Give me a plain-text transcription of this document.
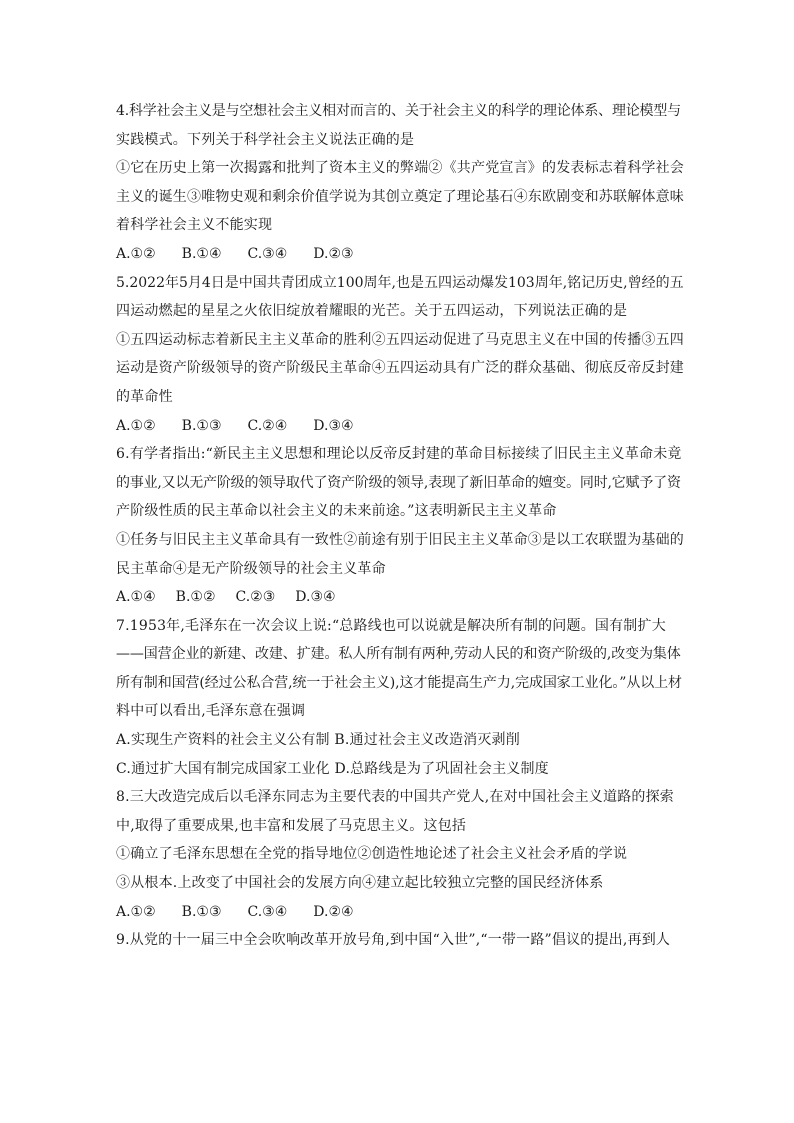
4.科学社会主义是与空想社会主义相对而言的、关于社会主义的科学的理论体系、理论模型与
实践模式。下列关于科学社会主义说法正确的是
①它在历史上第一次揭露和批判了资本主义的弊端②《共产党宣言》的发表标志着科学社会
主义的诞生③唯物史观和剩余价值学说为其创立奠定了理论基石④东欧剧变和苏联解体意味
着科学社会主义不能实现
A.①② B.①④ C.③④ D.②③
5.2022年5月4日是中国共青团成立100周年,也是五四运动爆发103周年,铭记历史,曾经的五
四运动燃起的星星之火依旧绽放着耀眼的光芒。关于五四运动，下列说法正确的是
①五四运动标志着新民主主义革命的胜利②五四运动促进了马克思主义在中国的传播③五四
运动是资产阶级领导的资产阶级民主革命④五四运动具有广泛的群众基础、彻底反帝反封建
的革命性
A.①② B.①③ C.②④ D.③④
6.有学者指出:“新民主主义思想和理论以反帝反封建的革命目标接续了旧民主主义革命未竟
的事业,又以无产阶级的领导取代了资产阶级的领导,表现了新旧革命的嬗变。同时,它赋予了资
产阶级性质的民主革命以社会主义的未来前途。”这表明新民主主义革命
①任务与旧民主主义革命具有一致性②前途有别于旧民主主义革命③是以工农联盟为基础的
民主革命④是无产阶级领导的社会主义革命
A.①④ B.①② C.②③ D.③④
7.1953年,毛泽东在一次会议上说:“总路线也可以说就是解决所有制的问题。国有制扩大
——国营企业的新建、改建、扩建。私人所有制有两种,劳动人民的和资产阶级的,改变为集体
所有制和国营(经过公私合营,统一于社会主义),这才能提高生产力,完成国家工业化。”从以上材
料中可以看出,毛泽东意在强调
A.实现生产资料的社会主义公有制 B.通过社会主义改造消灭剥削
C.通过扩大国有制完成国家工业化 D.总路线是为了巩固社会主义制度
8.三大改造完成后以毛泽东同志为主要代表的中国共产党人,在对中国社会主义道路的探索
中,取得了重要成果,也丰富和发展了马克思主义。这包括
①确立了毛泽东思想在全党的指导地位②创造性地论述了社会主义社会矛盾的学说
③从根本.上改变了中国社会的发展方向④建立起比较独立完整的国民经济体系
A.①② B.①③ C.③④ D.②④
9.从党的十一届三中全会吹响改革开放号角,到中国“入世”,“一带一路”倡议的提出,再到人
